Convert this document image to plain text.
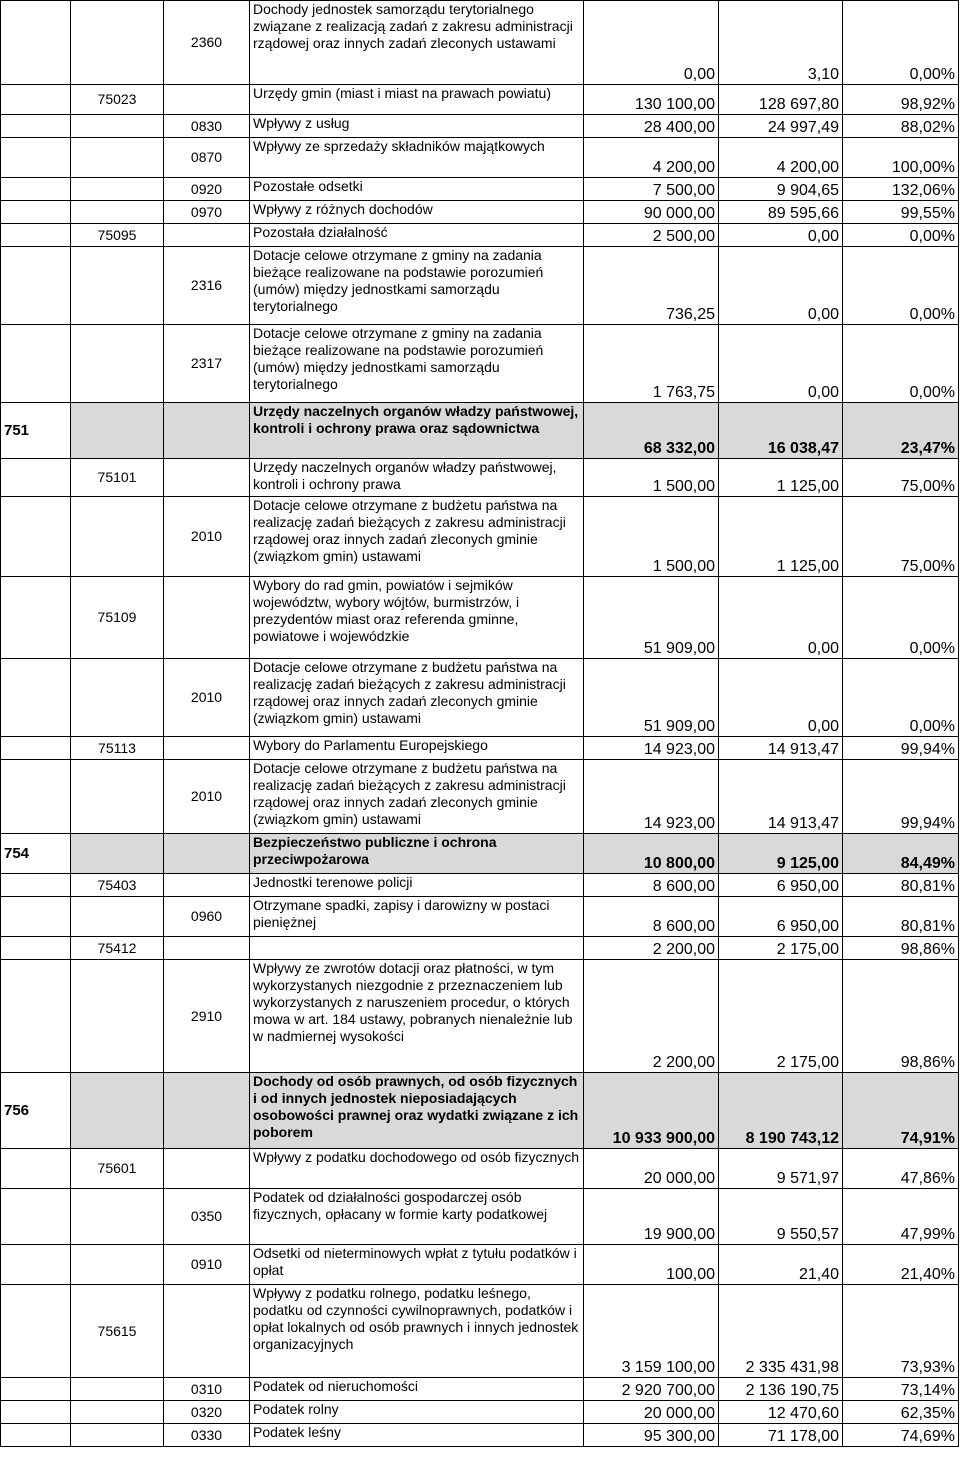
		2360	Dochody jednostek samorządu terytorialnego związane z realizacją zadań z zakresu administracji rządowej oraz innych zadań zleconych ustawami	0,00	3,10	0,00%
	75023		Urzędy gmin (miast i miast na prawach powiatu)	130 100,00	128 697,80	98,92%
		0830	Wpływy z usług	28 400,00	24 997,49	88,02%
		0870	Wpływy ze sprzedaży składników majątkowych	4 200,00	4 200,00	100,00%
		0920	Pozostałe odsetki	7 500,00	9 904,65	132,06%
		0970	Wpływy z różnych dochodów	90 000,00	89 595,66	99,55%
	75095		Pozostała działalność	2 500,00	0,00	0,00%
		2316	Dotacje celowe otrzymane z gminy na zadania bieżące realizowane na podstawie porozumień (umów) między jednostkami samorządu terytorialnego	736,25	0,00	0,00%
		2317	Dotacje celowe otrzymane z gminy na zadania bieżące realizowane na podstawie porozumień (umów) między jednostkami samorządu terytorialnego	1 763,75	0,00	0,00%
751			Urzędy naczelnych organów władzy państwowej, kontroli i ochrony prawa oraz sądownictwa	68 332,00	16 038,47	23,47%
	75101		Urzędy naczelnych organów władzy państwowej, kontroli i ochrony prawa	1 500,00	1 125,00	75,00%
		2010	Dotacje celowe otrzymane z budżetu państwa na realizację zadań bieżących z zakresu administracji rządowej oraz innych zadań zleconych gminie (związkom gmin) ustawami	1 500,00	1 125,00	75,00%
	75109		Wybory do rad gmin, powiatów i sejmików województw, wybory wójtów, burmistrzów, i prezydentów miast oraz referenda gminne, powiatowe i wojewódzkie	51 909,00	0,00	0,00%
		2010	Dotacje celowe otrzymane z budżetu państwa na realizację zadań bieżących z zakresu administracji rządowej oraz innych zadań zleconych gminie (związkom gmin) ustawami	51 909,00	0,00	0,00%
	75113		Wybory do Parlamentu Europejskiego	14 923,00	14 913,47	99,94%
		2010	Dotacje celowe otrzymane z budżetu państwa na realizację zadań bieżących z zakresu administracji rządowej oraz innych zadań zleconych gminie (związkom gmin) ustawami	14 923,00	14 913,47	99,94%
754			Bezpieczeństwo publiczne i ochrona przeciwpożarowa	10 800,00	9 125,00	84,49%
	75403		Jednostki terenowe policji	8 600,00	6 950,00	80,81%
		0960	Otrzymane spadki, zapisy i darowizny w postaci pieniężnej	8 600,00	6 950,00	80,81%
	75412			2 200,00	2 175,00	98,86%
		2910	Wpływy ze zwrotów dotacji oraz płatności, w tym wykorzystanych niezgodnie z przeznaczeniem lub wykorzystanych z naruszeniem procedur, o których mowa w art. 184 ustawy, pobranych nienależnie lub w nadmiernej wysokości	2 200,00	2 175,00	98,86%
756			Dochody od osób prawnych, od osób fizycznych i od innych jednostek nieposiadających osobowości prawnej oraz wydatki związane z ich poborem	10 933 900,00	8 190 743,12	74,91%
	75601		Wpływy z podatku dochodowego od osób fizycznych	20 000,00	9 571,97	47,86%
		0350	Podatek od działalności gospodarczej osób fizycznych, opłacany w formie karty podatkowej	19 900,00	9 550,57	47,99%
		0910	Odsetki od nieterminowych wpłat z tytułu podatków i opłat	100,00	21,40	21,40%
	75615		Wpływy z podatku rolnego, podatku leśnego, podatku od czynności cywilnoprawnych, podatków i opłat lokalnych od osób prawnych i innych jednostek organizacyjnych	3 159 100,00	2 335 431,98	73,93%
		0310	Podatek od nieruchomości	2 920 700,00	2 136 190,75	73,14%
		0320	Podatek rolny	20 000,00	12 470,60	62,35%
		0330	Podatek leśny	95 300,00	71 178,00	74,69%
